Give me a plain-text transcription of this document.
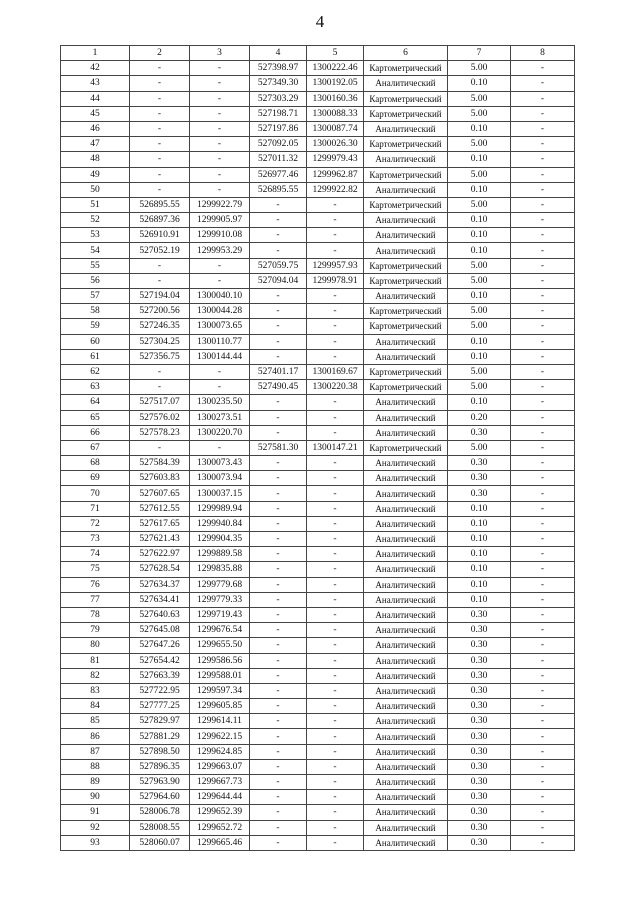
4
1	2	3	4	5	6	7	8
42	-	-	527398.97	1300222.46	Картометрический	5.00	-
43	-	-	527349.30	1300192.05	Аналитический	0.10	-
44	-	-	527303.29	1300160.36	Картометрический	5.00	-
45	-	-	527198.71	1300088.33	Картометрический	5.00	-
46	-	-	527197.86	1300087.74	Аналитический	0.10	-
47	-	-	527092.05	1300026.30	Картометрический	5.00	-
48	-	-	527011.32	1299979.43	Аналитический	0.10	-
49	-	-	526977.46	1299962.87	Картометрический	5.00	-
50	-	-	526895.55	1299922.82	Аналитический	0.10	-
51	526895.55	1299922.79	-	-	Картометрический	5.00	-
52	526897.36	1299905.97	-	-	Аналитический	0.10	-
53	526910.91	1299910.08	-	-	Аналитический	0.10	-
54	527052.19	1299953.29	-	-	Аналитический	0.10	-
55	-	-	527059.75	1299957.93	Картометрический	5.00	-
56	-	-	527094.04	1299978.91	Картометрический	5.00	-
57	527194.04	1300040.10	-	-	Аналитический	0.10	-
58	527200.56	1300044.28	-	-	Картометрический	5.00	-
59	527246.35	1300073.65	-	-	Картометрический	5.00	-
60	527304.25	1300110.77	-	-	Аналитический	0.10	-
61	527356.75	1300144.44	-	-	Аналитический	0.10	-
62	-	-	527401.17	1300169.67	Картометрический	5.00	-
63	-	-	527490.45	1300220.38	Картометрический	5.00	-
64	527517.07	1300235.50	-	-	Аналитический	0.10	-
65	527576.02	1300273.51	-	-	Аналитический	0.20	-
66	527578.23	1300220.70	-	-	Аналитический	0.30	-
67	-	-	527581.30	1300147.21	Картометрический	5.00	-
68	527584.39	1300073.43	-	-	Аналитический	0.30	-
69	527603.83	1300073.94	-	-	Аналитический	0.30	-
70	527607.65	1300037.15	-	-	Аналитический	0.30	-
71	527612.55	1299989.94	-	-	Аналитический	0.10	-
72	527617.65	1299940.84	-	-	Аналитический	0.10	-
73	527621.43	1299904.35	-	-	Аналитический	0.10	-
74	527622.97	1299889.58	-	-	Аналитический	0.10	-
75	527628.54	1299835.88	-	-	Аналитический	0.10	-
76	527634.37	1299779.68	-	-	Аналитический	0.10	-
77	527634.41	1299779.33	-	-	Аналитический	0.10	-
78	527640.63	1299719.43	-	-	Аналитический	0.30	-
79	527645.08	1299676.54	-	-	Аналитический	0.30	-
80	527647.26	1299655.50	-	-	Аналитический	0.30	-
81	527654.42	1299586.56	-	-	Аналитический	0.30	-
82	527663.39	1299588.01	-	-	Аналитический	0.30	-
83	527722.95	1299597.34	-	-	Аналитический	0.30	-
84	527777.25	1299605.85	-	-	Аналитический	0.30	-
85	527829.97	1299614.11	-	-	Аналитический	0.30	-
86	527881.29	1299622.15	-	-	Аналитический	0.30	-
87	527898.50	1299624.85	-	-	Аналитический	0.30	-
88	527896.35	1299663.07	-	-	Аналитический	0.30	-
89	527963.90	1299667.73	-	-	Аналитический	0.30	-
90	527964.60	1299644.44	-	-	Аналитический	0.30	-
91	528006.78	1299652.39	-	-	Аналитический	0.30	-
92	528008.55	1299652.72	-	-	Аналитический	0.30	-
93	528060.07	1299665.46	-	-	Аналитический	0.30	-
